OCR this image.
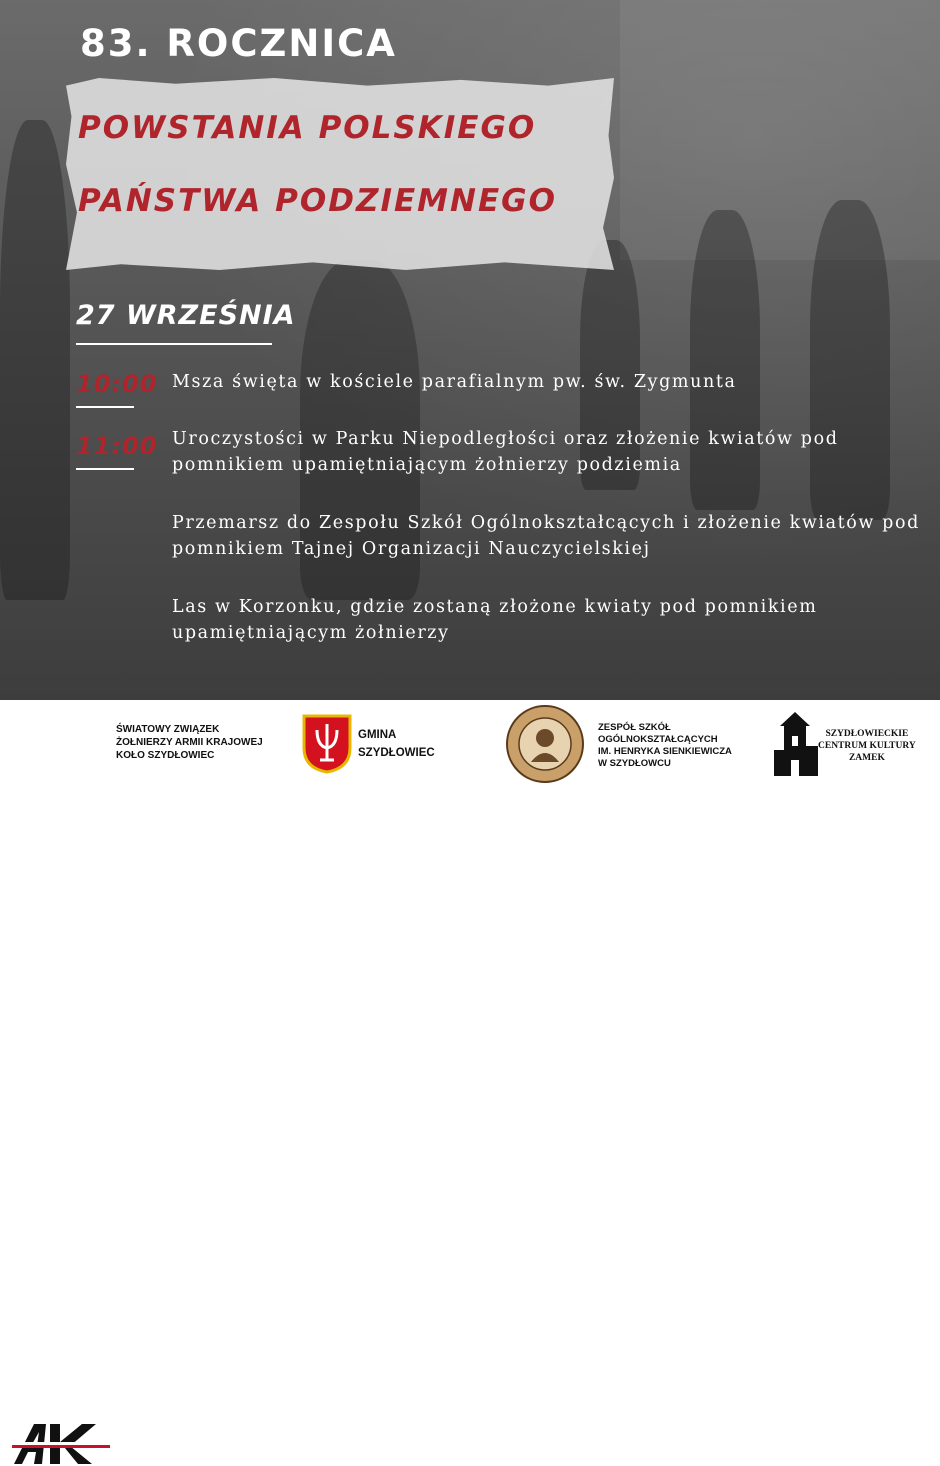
83. ROCZNICA
POWSTANIA POLSKIEGO
PAŃSTWA PODZIEMNEGO
27 WRZEŚNIA
10:00 Msza święta w kościele parafialnym pw. św. Zygmunta
11:00 Uroczystości w Parku Niepodległości oraz złożenie kwiatów pod pomnikiem upamiętniającym żołnierzy podziemia
Przemarsz do Zespołu Szkół Ogólnokształcących i złożenie kwiatów pod pomnikiem Tajnej Organizacji Nauczycielskiej
Las w Korzonku, gdzie zostaną złożone kwiaty pod pomnikiem upamiętniającym żołnierzy
ŚWIATOWY ZWIĄZEK
ŻOŁNIERZY ARMII KRAJOWEJ
KOŁO SZYDŁOWIEC
GMINA
SZYDŁOWIEC
ZESPÓŁ SZKÓŁ
OGÓLNOKSZTAŁCĄCYCH
IM. HENRYKA SIENKIEWICZA
W SZYDŁOWCU
SZYDŁOWIECKIE
CENTRUM KULTURY
ZAMEK
